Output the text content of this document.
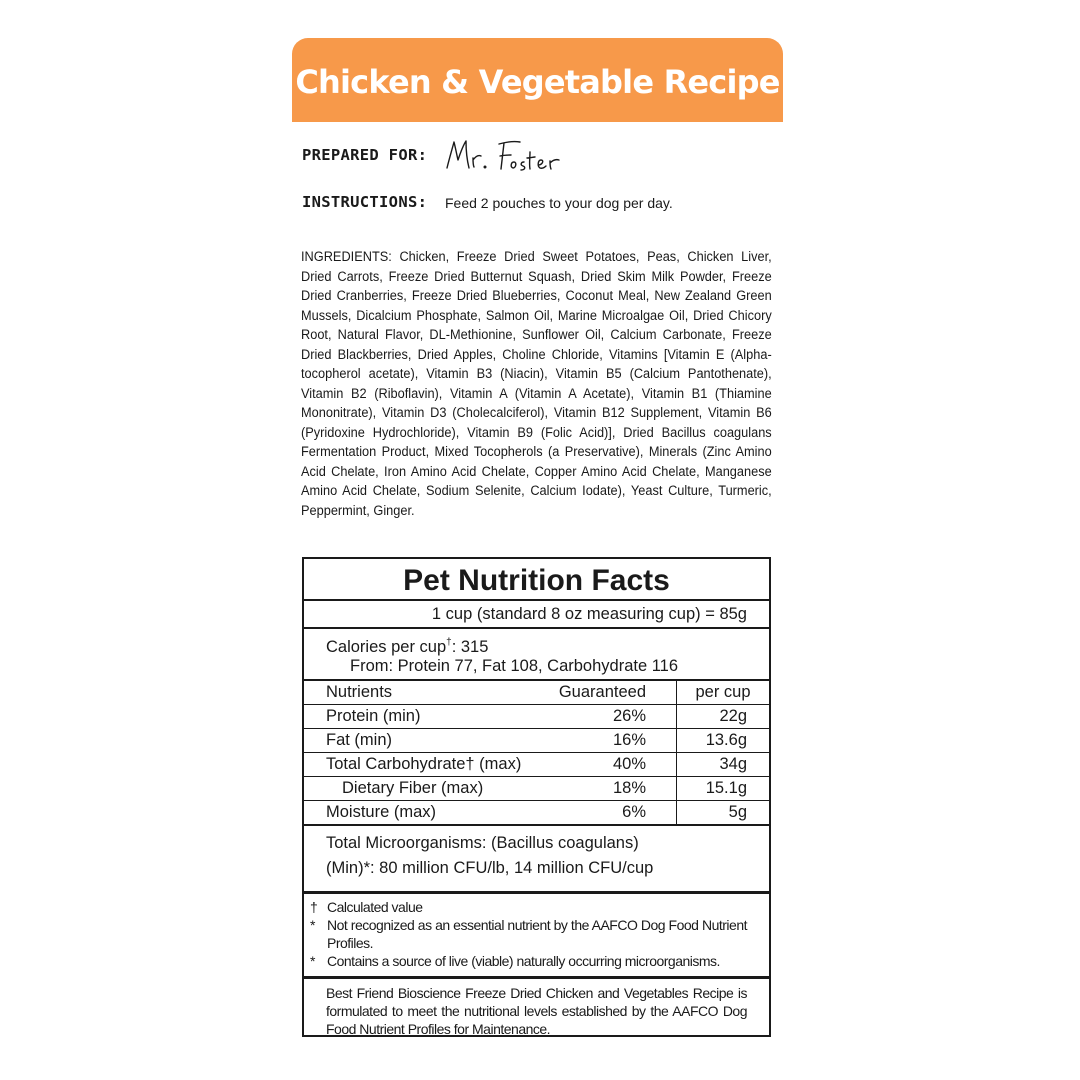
Chicken & Vegetable Recipe
PREPARED FOR:
INSTRUCTIONS: Feed 2 pouches to your dog per day.
INGREDIENTS: Chicken, Freeze Dried Sweet Potatoes, Peas, Chicken Liver, Dried Carrots, Freeze Dried Butternut Squash, Dried Skim Milk Powder, Freeze Dried Cranberries, Freeze Dried Blueberries, Coconut Meal, New Zealand Green Mussels, Dicalcium Phosphate, Salmon Oil, Marine Microalgae Oil, Dried Chicory Root, Natural Flavor, DL-Methionine, Sunflower Oil, Calcium Carbonate, Freeze Dried Blackberries, Dried Apples, Choline Chloride, Vitamins [Vitamin E (Alpha-tocopherol acetate), Vitamin B3 (Niacin), Vitamin B5 (Calcium Pantothenate), Vitamin B2 (Riboflavin), Vitamin A (Vitamin A Acetate), Vitamin B1 (Thiamine Mononitrate), Vitamin D3 (Cholecalciferol), Vitamin B12 Supplement, Vitamin B6 (Pyridoxine Hydrochloride), Vitamin B9 (Folic Acid)], Dried Bacillus coagulans Fermentation Product, Mixed Tocopherols (a Preservative), Minerals (Zinc Amino Acid Chelate, Iron Amino Acid Chelate, Copper Amino Acid Chelate, Manganese Amino Acid Chelate, Sodium Selenite, Calcium Iodate), Yeast Culture, Turmeric, Peppermint, Ginger.
Pet Nutrition Facts
1 cup (standard 8 oz measuring cup) = 85g
Calories per cup†: 315
From: Protein 77, Fat 108, Carbohydrate 116
Nutrients	Guaranteed	per cup
Protein (min)	26%	22g
Fat (min)	16%	13.6g
Total Carbohydrate† (max)	40%	34g
Dietary Fiber (max)	18%	15.1g
Moisture (max)	6%	5g
Total Microorganisms: (Bacillus coagulans)
(Min)*: 80 million CFU/lb, 14 million CFU/cup
† Calculated value
* Not recognized as an essential nutrient by the AAFCO Dog Food Nutrient Profiles.
* Contains a source of live (viable) naturally occurring microorganisms.
Best Friend Bioscience Freeze Dried Chicken and Vegetables Recipe is formulated to meet the nutritional levels established by the AAFCO Dog Food Nutrient Profiles for Maintenance.
